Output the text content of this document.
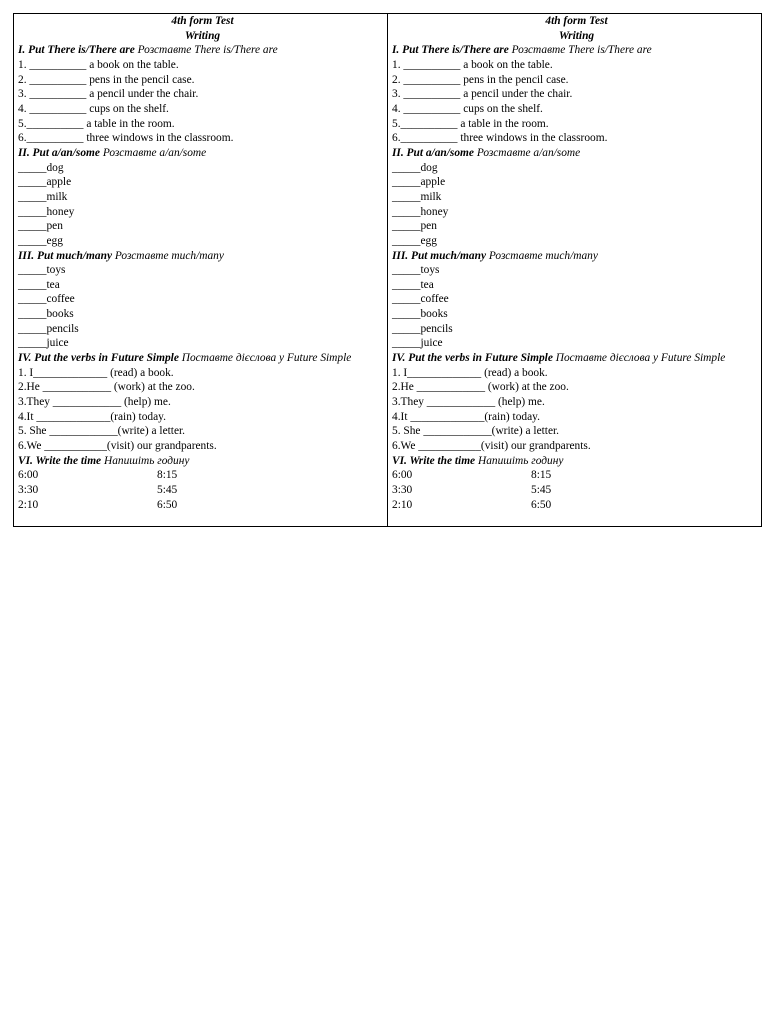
4th form Test
Writing
I. Put There is/There are Розставте There is/There are
1. __________ a book on the table.
2. __________ pens in the pencil case.
3. __________ a pencil under the chair.
4. __________ cups on the shelf.
5.__________ a table in the room.
6.__________ three windows in the classroom.
II. Put a/an/some Розставте a/an/some
_____dog
_____apple
_____milk
_____honey
_____pen
_____egg
III. Put much/many Розставте much/many
_____toys
_____tea
_____coffee
_____books
_____pencils
_____juice
IV. Put the verbs in Future Simple Поставте дієслова у Future Simple
1. I_____________ (read) a book.
2.He ____________ (work) at the zoo.
3.They ____________ (help) me.
4.It _____________(rain) today.
5. She ____________(write) a letter.
6.We ___________(visit) our grandparents.
VI. Write the time Напишіть годину
6:00	8:15
3:30	5:45
2:10	6:50

4th form Test
Writing
I. Put There is/There are Розставте There is/There are
1. __________ a book on the table.
2. __________ pens in the pencil case.
3. __________ a pencil under the chair.
4. __________ cups on the shelf.
5.__________ a table in the room.
6.__________ three windows in the classroom.
II. Put a/an/some Розставте a/an/some
_____dog
_____apple
_____milk
_____honey
_____pen
_____egg
III. Put much/many Розставте much/many
_____toys
_____tea
_____coffee
_____books
_____pencils
_____juice
IV. Put the verbs in Future Simple Поставте дієслова у Future Simple
1. I_____________ (read) a book.
2.He ____________ (work) at the zoo.
3.They ____________ (help) me.
4.It _____________(rain) today.
5. She ____________(write) a letter.
6.We ___________(visit) our grandparents.
VI. Write the time Напишіть годину
6:00	8:15
3:30	5:45
2:10	6:50
